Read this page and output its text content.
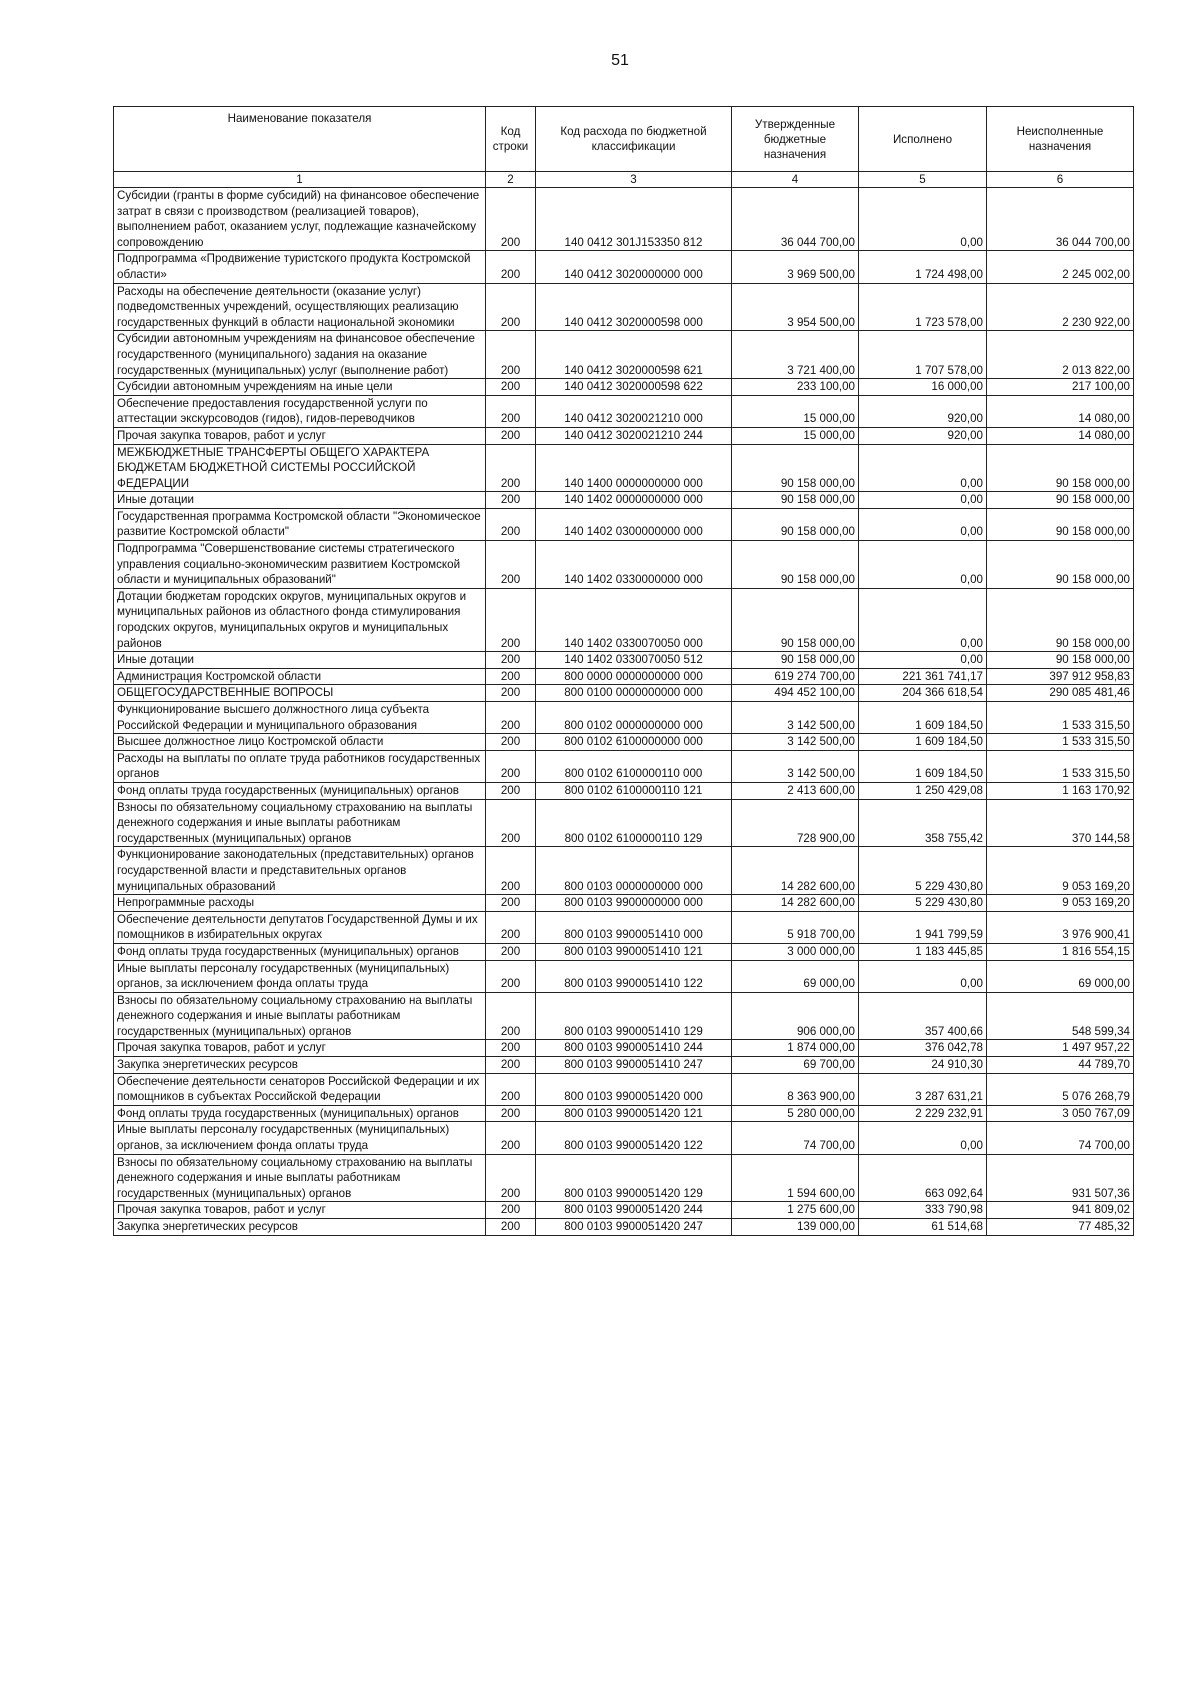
51
Наименование показателя	Код строки	Код расхода по бюджетной классификации	Утвержденные бюджетные назначения	Исполнено	Неисполненные назначения
1	2	3	4	5	6
Субсидии (гранты в форме субсидий) на финансовое обеспечение затрат в связи с производством (реализацией товаров), выполнением работ, оказанием услуг, подлежащие казначейскому сопровождению	200	140 0412 301J153350 812	36 044 700,00	0,00	36 044 700,00
Подпрограмма «Продвижение туристского продукта Костромской области»	200	140 0412 3020000000 000	3 969 500,00	1 724 498,00	2 245 002,00
Расходы на обеспечение деятельности (оказание услуг) подведомственных учреждений, осуществляющих реализацию государственных функций в области национальной экономики	200	140 0412 3020000598 000	3 954 500,00	1 723 578,00	2 230 922,00
Субсидии автономным учреждениям на финансовое обеспечение государственного (муниципального) задания на оказание государственных (муниципальных) услуг (выполнение работ)	200	140 0412 3020000598 621	3 721 400,00	1 707 578,00	2 013 822,00
Субсидии автономным учреждениям на иные цели	200	140 0412 3020000598 622	233 100,00	16 000,00	217 100,00
Обеспечение предоставления государственной услуги по аттестации экскурсоводов (гидов), гидов-переводчиков	200	140 0412 3020021210 000	15 000,00	920,00	14 080,00
Прочая закупка товаров, работ и услуг	200	140 0412 3020021210 244	15 000,00	920,00	14 080,00
МЕЖБЮДЖЕТНЫЕ ТРАНСФЕРТЫ ОБЩЕГО ХАРАКТЕРА БЮДЖЕТАМ БЮДЖЕТНОЙ СИСТЕМЫ РОССИЙСКОЙ ФЕДЕРАЦИИ	200	140 1400 0000000000 000	90 158 000,00	0,00	90 158 000,00
Иные дотации	200	140 1402 0000000000 000	90 158 000,00	0,00	90 158 000,00
Государственная программа Костромской области "Экономическое развитие Костромской области"	200	140 1402 0300000000 000	90 158 000,00	0,00	90 158 000,00
Подпрограмма "Совершенствование системы стратегического управления социально-экономическим развитием Костромской области и муниципальных образований"	200	140 1402 0330000000 000	90 158 000,00	0,00	90 158 000,00
Дотации бюджетам городских округов, муниципальных округов и муниципальных районов из областного фонда стимулирования городских округов, муниципальных округов и муниципальных районов	200	140 1402 0330070050 000	90 158 000,00	0,00	90 158 000,00
Иные дотации	200	140 1402 0330070050 512	90 158 000,00	0,00	90 158 000,00
Администрация Костромской области	200	800 0000 0000000000 000	619 274 700,00	221 361 741,17	397 912 958,83
ОБЩЕГОСУДАРСТВЕННЫЕ ВОПРОСЫ	200	800 0100 0000000000 000	494 452 100,00	204 366 618,54	290 085 481,46
Функционирование высшего должностного лица субъекта Российской Федерации и муниципального образования	200	800 0102 0000000000 000	3 142 500,00	1 609 184,50	1 533 315,50
Высшее должностное лицо Костромской области	200	800 0102 6100000000 000	3 142 500,00	1 609 184,50	1 533 315,50
Расходы на выплаты по оплате труда работников государственных органов	200	800 0102 6100000110 000	3 142 500,00	1 609 184,50	1 533 315,50
Фонд оплаты труда государственных (муниципальных) органов	200	800 0102 6100000110 121	2 413 600,00	1 250 429,08	1 163 170,92
Взносы по обязательному социальному страхованию на выплаты денежного содержания и иные выплаты работникам государственных (муниципальных) органов	200	800 0102 6100000110 129	728 900,00	358 755,42	370 144,58
Функционирование законодательных (представительных) органов государственной власти и представительных органов муниципальных образований	200	800 0103 0000000000 000	14 282 600,00	5 229 430,80	9 053 169,20
Непрограммные расходы	200	800 0103 9900000000 000	14 282 600,00	5 229 430,80	9 053 169,20
Обеспечение деятельности депутатов Государственной Думы и их помощников в избирательных округах	200	800 0103 9900051410 000	5 918 700,00	1 941 799,59	3 976 900,41
Фонд оплаты труда государственных (муниципальных) органов	200	800 0103 9900051410 121	3 000 000,00	1 183 445,85	1 816 554,15
Иные выплаты персоналу государственных (муниципальных) органов, за исключением фонда оплаты труда	200	800 0103 9900051410 122	69 000,00	0,00	69 000,00
Взносы по обязательному социальному страхованию на выплаты денежного содержания и иные выплаты работникам государственных (муниципальных) органов	200	800 0103 9900051410 129	906 000,00	357 400,66	548 599,34
Прочая закупка товаров, работ и услуг	200	800 0103 9900051410 244	1 874 000,00	376 042,78	1 497 957,22
Закупка энергетических ресурсов	200	800 0103 9900051410 247	69 700,00	24 910,30	44 789,70
Обеспечение деятельности сенаторов Российской Федерации и их помощников в субъектах Российской Федерации	200	800 0103 9900051420 000	8 363 900,00	3 287 631,21	5 076 268,79
Фонд оплаты труда государственных (муниципальных) органов	200	800 0103 9900051420 121	5 280 000,00	2 229 232,91	3 050 767,09
Иные выплаты персоналу государственных (муниципальных) органов, за исключением фонда оплаты труда	200	800 0103 9900051420 122	74 700,00	0,00	74 700,00
Взносы по обязательному социальному страхованию на выплаты денежного содержания и иные выплаты работникам государственных (муниципальных) органов	200	800 0103 9900051420 129	1 594 600,00	663 092,64	931 507,36
Прочая закупка товаров, работ и услуг	200	800 0103 9900051420 244	1 275 600,00	333 790,98	941 809,02
Закупка энергетических ресурсов	200	800 0103 9900051420 247	139 000,00	61 514,68	77 485,32
